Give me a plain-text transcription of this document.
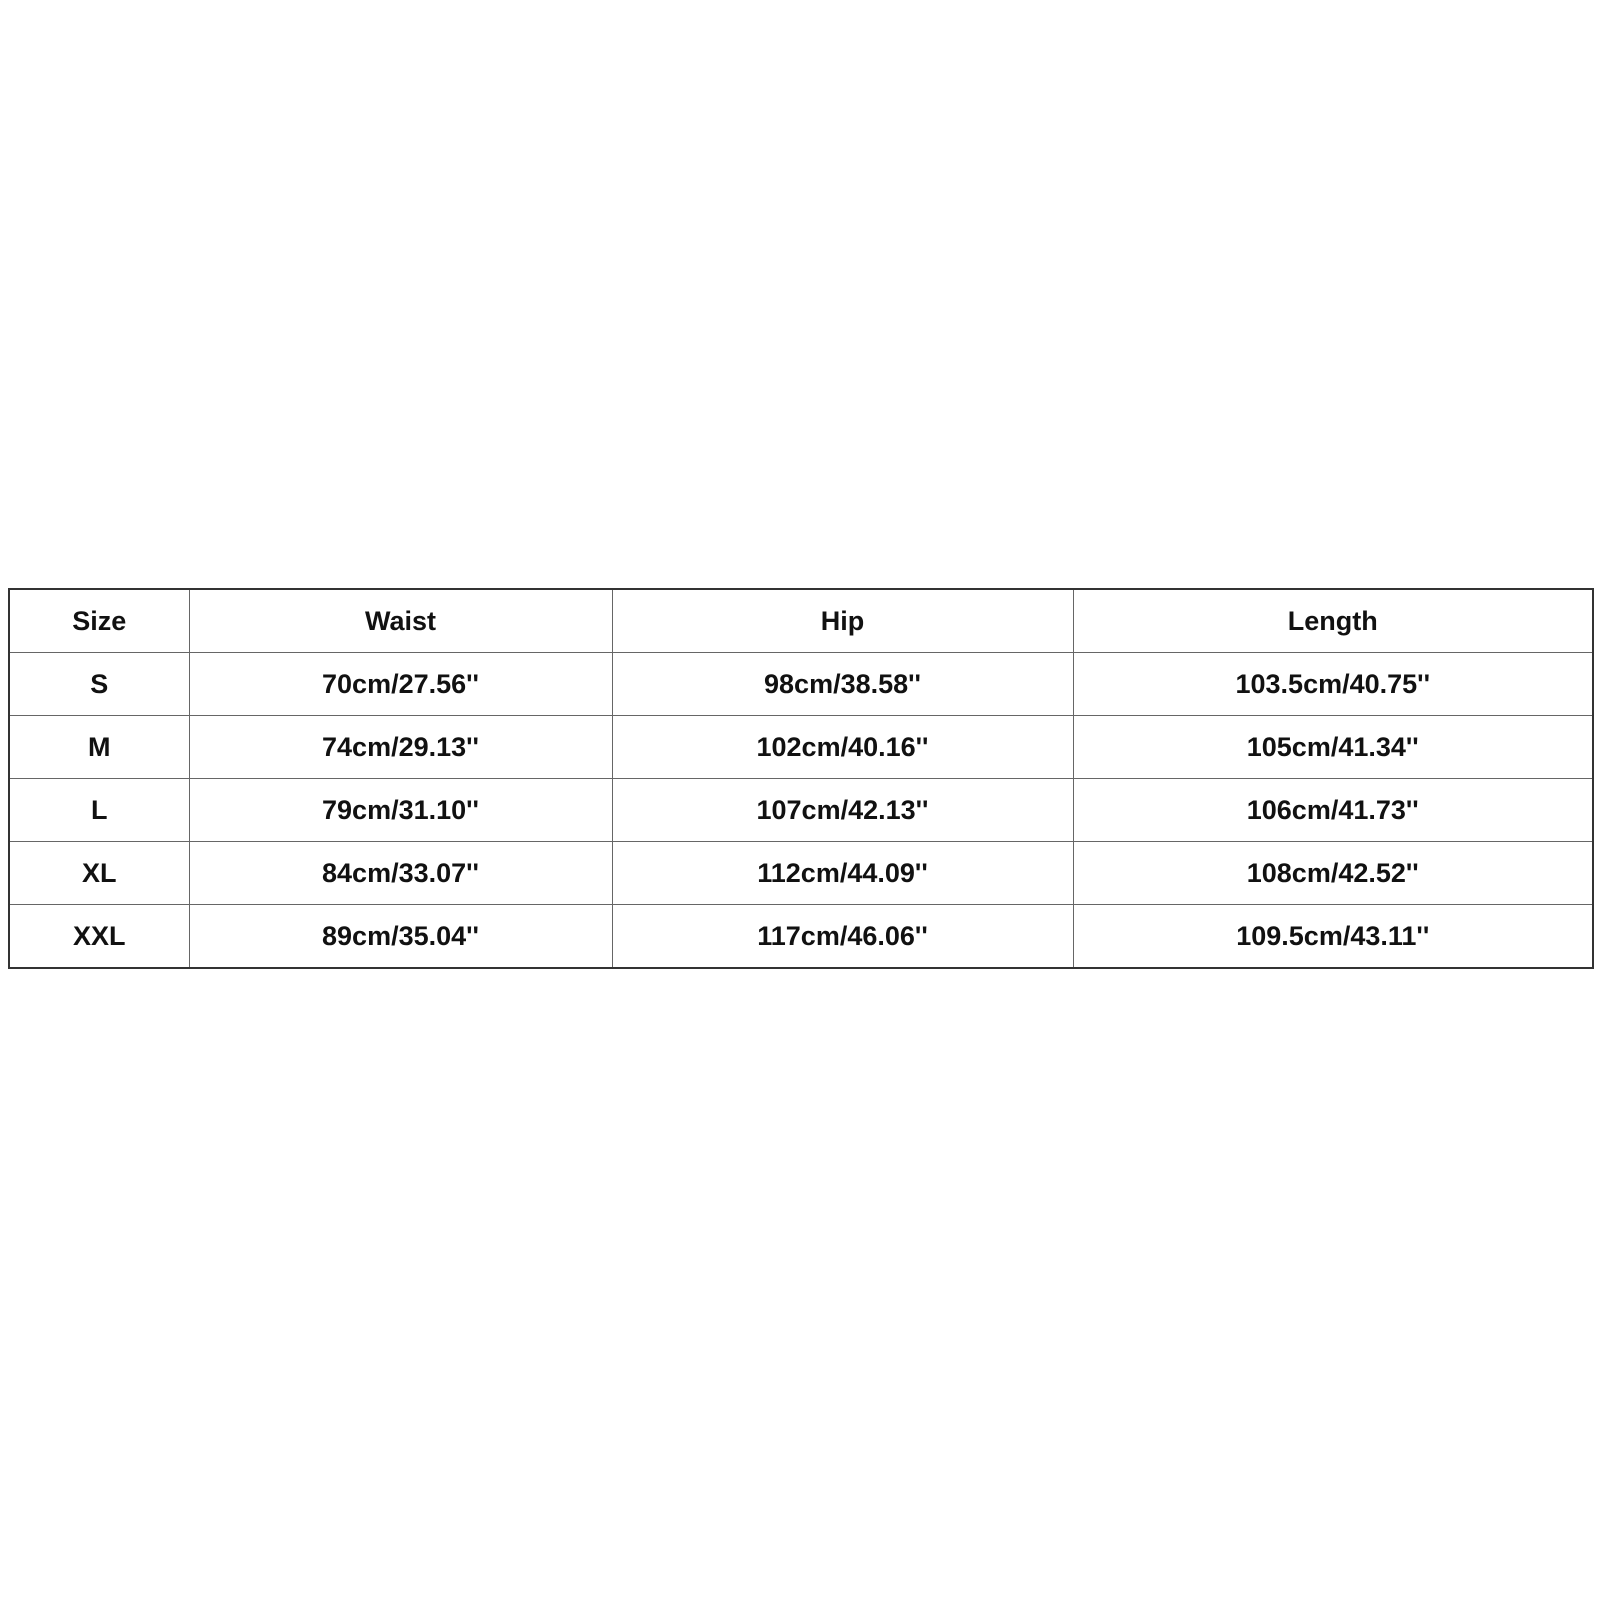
Size	Waist	Hip	Length
S	70cm/27.56''	98cm/38.58''	103.5cm/40.75''
M	74cm/29.13''	102cm/40.16''	105cm/41.34''
L	79cm/31.10''	107cm/42.13''	106cm/41.73''
XL	84cm/33.07''	112cm/44.09''	108cm/42.52''
XXL	89cm/35.04''	117cm/46.06''	109.5cm/43.11''
